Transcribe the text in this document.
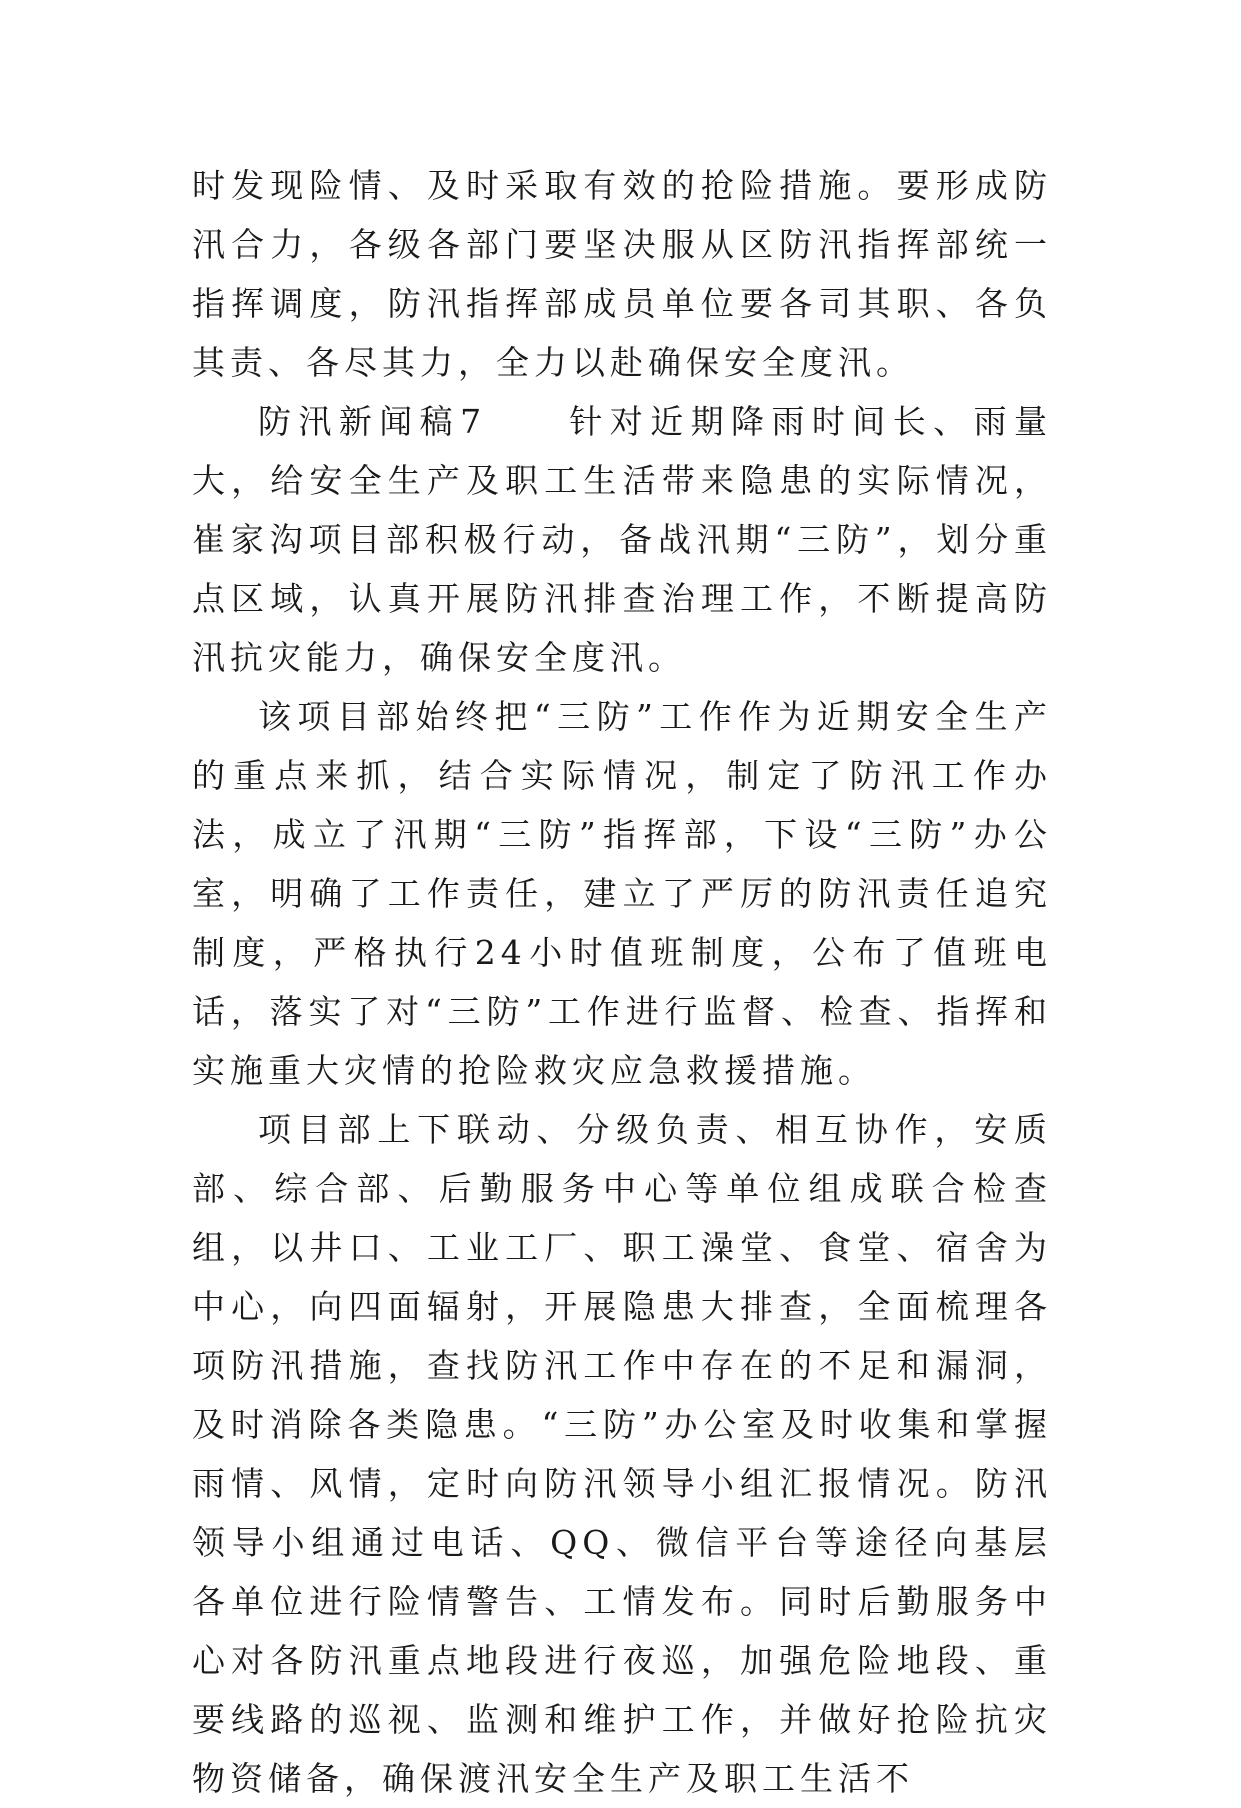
时发现险情、及时采取有效的抢险措施。要形成防汛合力，各级各部门要坚决服从区防汛指挥部统一指挥调度，防汛指挥部成员单位要各司其职、各负其责、各尽其力，全力以赴确保安全度汛。

防汛新闻稿7　　针对近期降雨时间长、雨量大，给安全生产及职工生活带来隐患的实际情况，崔家沟项目部积极行动，备战汛期“三防”，划分重点区域，认真开展防汛排查治理工作，不断提高防汛抗灾能力，确保安全度汛。

该项目部始终把“三防”工作作为近期安全生产的重点来抓，结合实际情况，制定了防汛工作办法，成立了汛期“三防”指挥部，下设“三防”办公室，明确了工作责任，建立了严厉的防汛责任追究制度，严格执行24小时值班制度，公布了值班电话，落实了对“三防”工作进行监督、检查、指挥和实施重大灾情的抢险救灾应急救援措施。

项目部上下联动、分级负责、相互协作，安质部、综合部、后勤服务中心等单位组成联合检查组，以井口、工业工厂、职工澡堂、食堂、宿舍为中心，向四面辐射，开展隐患大排查，全面梳理各项防汛措施，查找防汛工作中存在的不足和漏洞，及时消除各类隐患。“三防”办公室及时收集和掌握雨情、风情，定时向防汛领导小组汇报情况。防汛领导小组通过电话、QQ、微信平台等途径向基层各单位进行险情警告、工情发布。同时后勤服务中心对各防汛重点地段进行夜巡，加强危险地段、重要线路的巡视、监测和维护工作，并做好抢险抗灾物资储备，确保渡汛安全生产及职工生活不
